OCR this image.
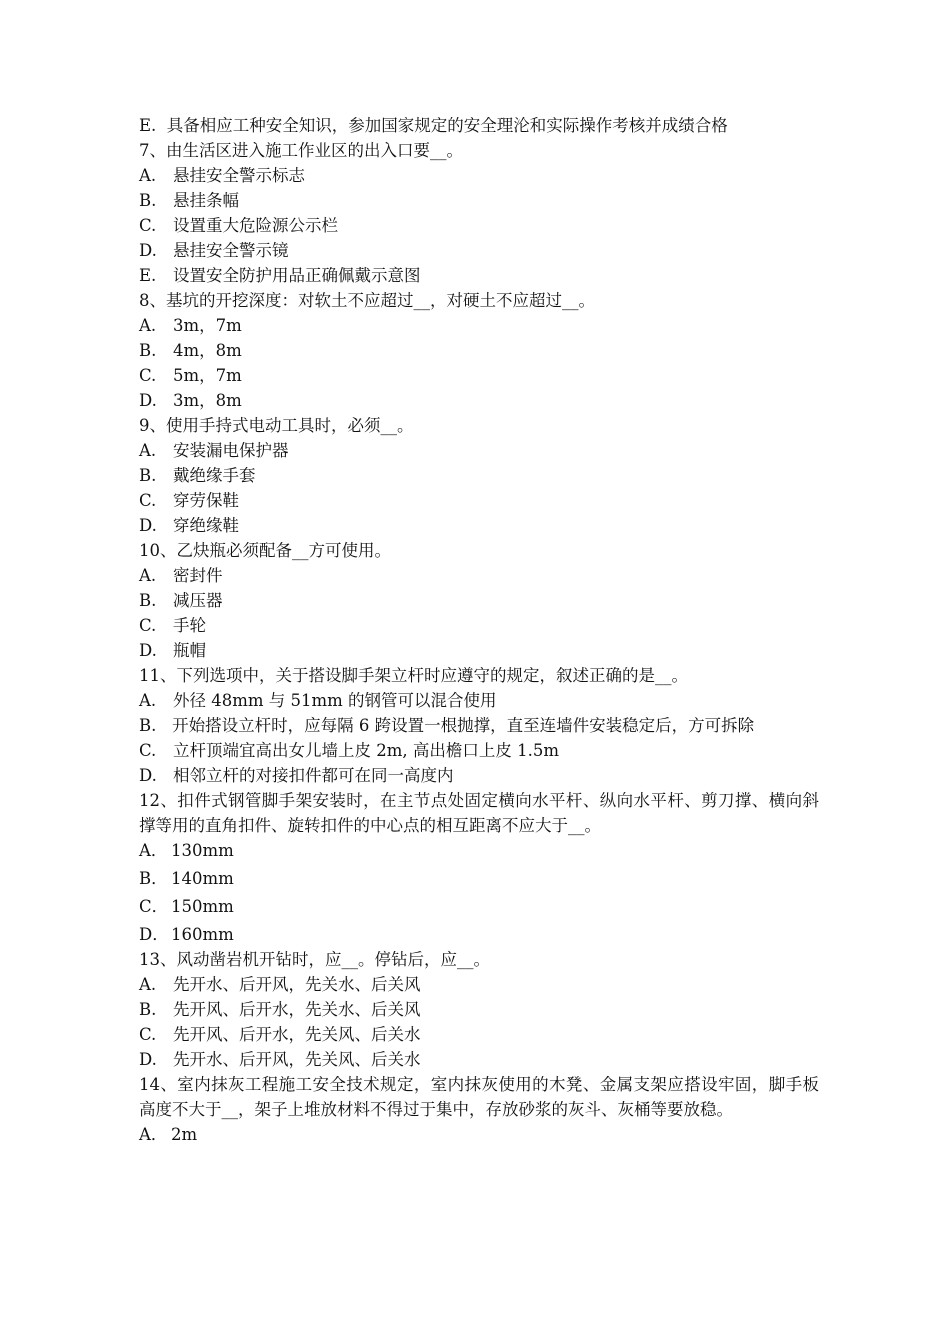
E. 具备相应工种安全知识，参加国家规定的安全理沦和实际操作考核并成绩合格
7、由生活区进入施工作业区的出入口要__。
A.	悬挂安全警示标志
B.	悬挂条幅
C.	设置重大危险源公示栏
D. 悬挂安全警示镜
E.	设置安全防护用品正确佩戴示意图
8、基坑的开挖深度：对软土不应超过__，对硬土不应超过__。
A.	3m，7m
B.	4m，8m
C.	5m，7m
D. 3m，8m
9、使用手持式电动工具时，必须__。
A.	安装漏电保护器
B.	戴绝缘手套
C.	穿劳保鞋
D. 穿绝缘鞋
10、乙炔瓶必须配备__方可使用。
A.	密封件
B.	减压器
C.	手轮
D. 瓶帽
11、下列选项中，关于搭设脚手架立杆时应遵守的规定，叙述正确的是__。
A.	外径 48mm 与 51mm 的钢管可以混合使用
B. 开始搭设立杆时，应每隔 6 跨设置一根抛撑，直至连墙件安装稳定后，方可拆除
C.	立杆顶端宜高出女儿墙上皮 2m, 高出檐口上皮 1.5m
D. 相邻立杆的对接扣件都可在同一高度内
12、扣件式钢管脚手架安装时，在主节点处固定横向水平杆、纵向水平杆、剪刀撑、横向斜撑等用的直角扣件、旋转扣件的中心点的相互距离不应大于__。
A． 130mm
B． 140mm
C． 150mm
D． 160mm
13、风动凿岩机开钻时，应__。停钻后，应__。
A.	先开水、后开风，先关水、后关风
B.	先开风、后开水，先关水、后关风
C.	先开风、后开水，先关风、后关水
D. 先开水、后开风，先关风、后关水
14、室内抹灰工程施工安全技术规定，室内抹灰使用的木凳、金属支架应搭设牢固，脚手板高度不大于__，架子上堆放材料不得过于集中，存放砂浆的灰斗、灰桶等要放稳。
A． 2m
